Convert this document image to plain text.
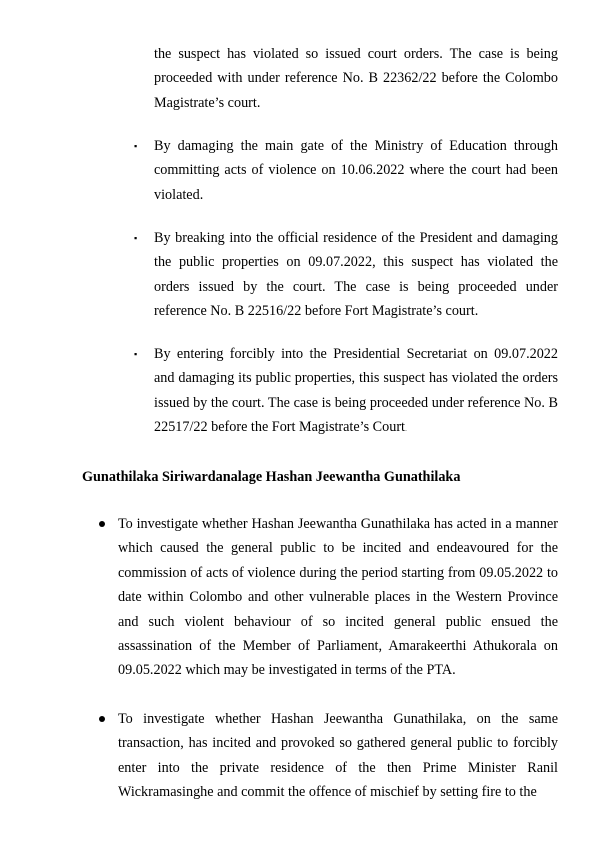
the suspect has violated so issued court orders. The case is being proceeded with under reference No. B 22362/22 before the Colombo Magistrate’s court.

▪ By damaging the main gate of the Ministry of Education through committing acts of violence on 10.06.2022 where the court had been violated.

▪ By breaking into the official residence of the President and damaging the public properties on 09.07.2022, this suspect has violated the orders issued by the court. The case is being proceeded under reference No. B 22516/22 before Fort Magistrate’s court.

▪ By entering forcibly into the Presidential Secretariat on 09.07.2022 and damaging its public properties, this suspect has violated the orders issued by the court. The case is being proceeded under reference No. B 22517/22 before the Fort Magistrate’s Court.

Gunathilaka Siriwardanalage Hashan Jeewantha Gunathilaka

To investigate whether Hashan Jeewantha Gunathilaka has acted in a manner which caused the general public to be incited and endeavoured for the commission of acts of violence during the period starting from 09.05.2022 to date within Colombo and other vulnerable places in the Western Province and such violent behaviour of so incited general public ensued the assassination of the Member of Parliament, Amarakeerthi Athukorala on 09.05.2022 which may be investigated in terms of the PTA.

To investigate whether Hashan Jeewantha Gunathilaka, on the same transaction, has incited and provoked so gathered general public to forcibly enter into the private residence of the then Prime Minister Ranil Wickramasinghe and commit the offence of mischief by setting fire to the
